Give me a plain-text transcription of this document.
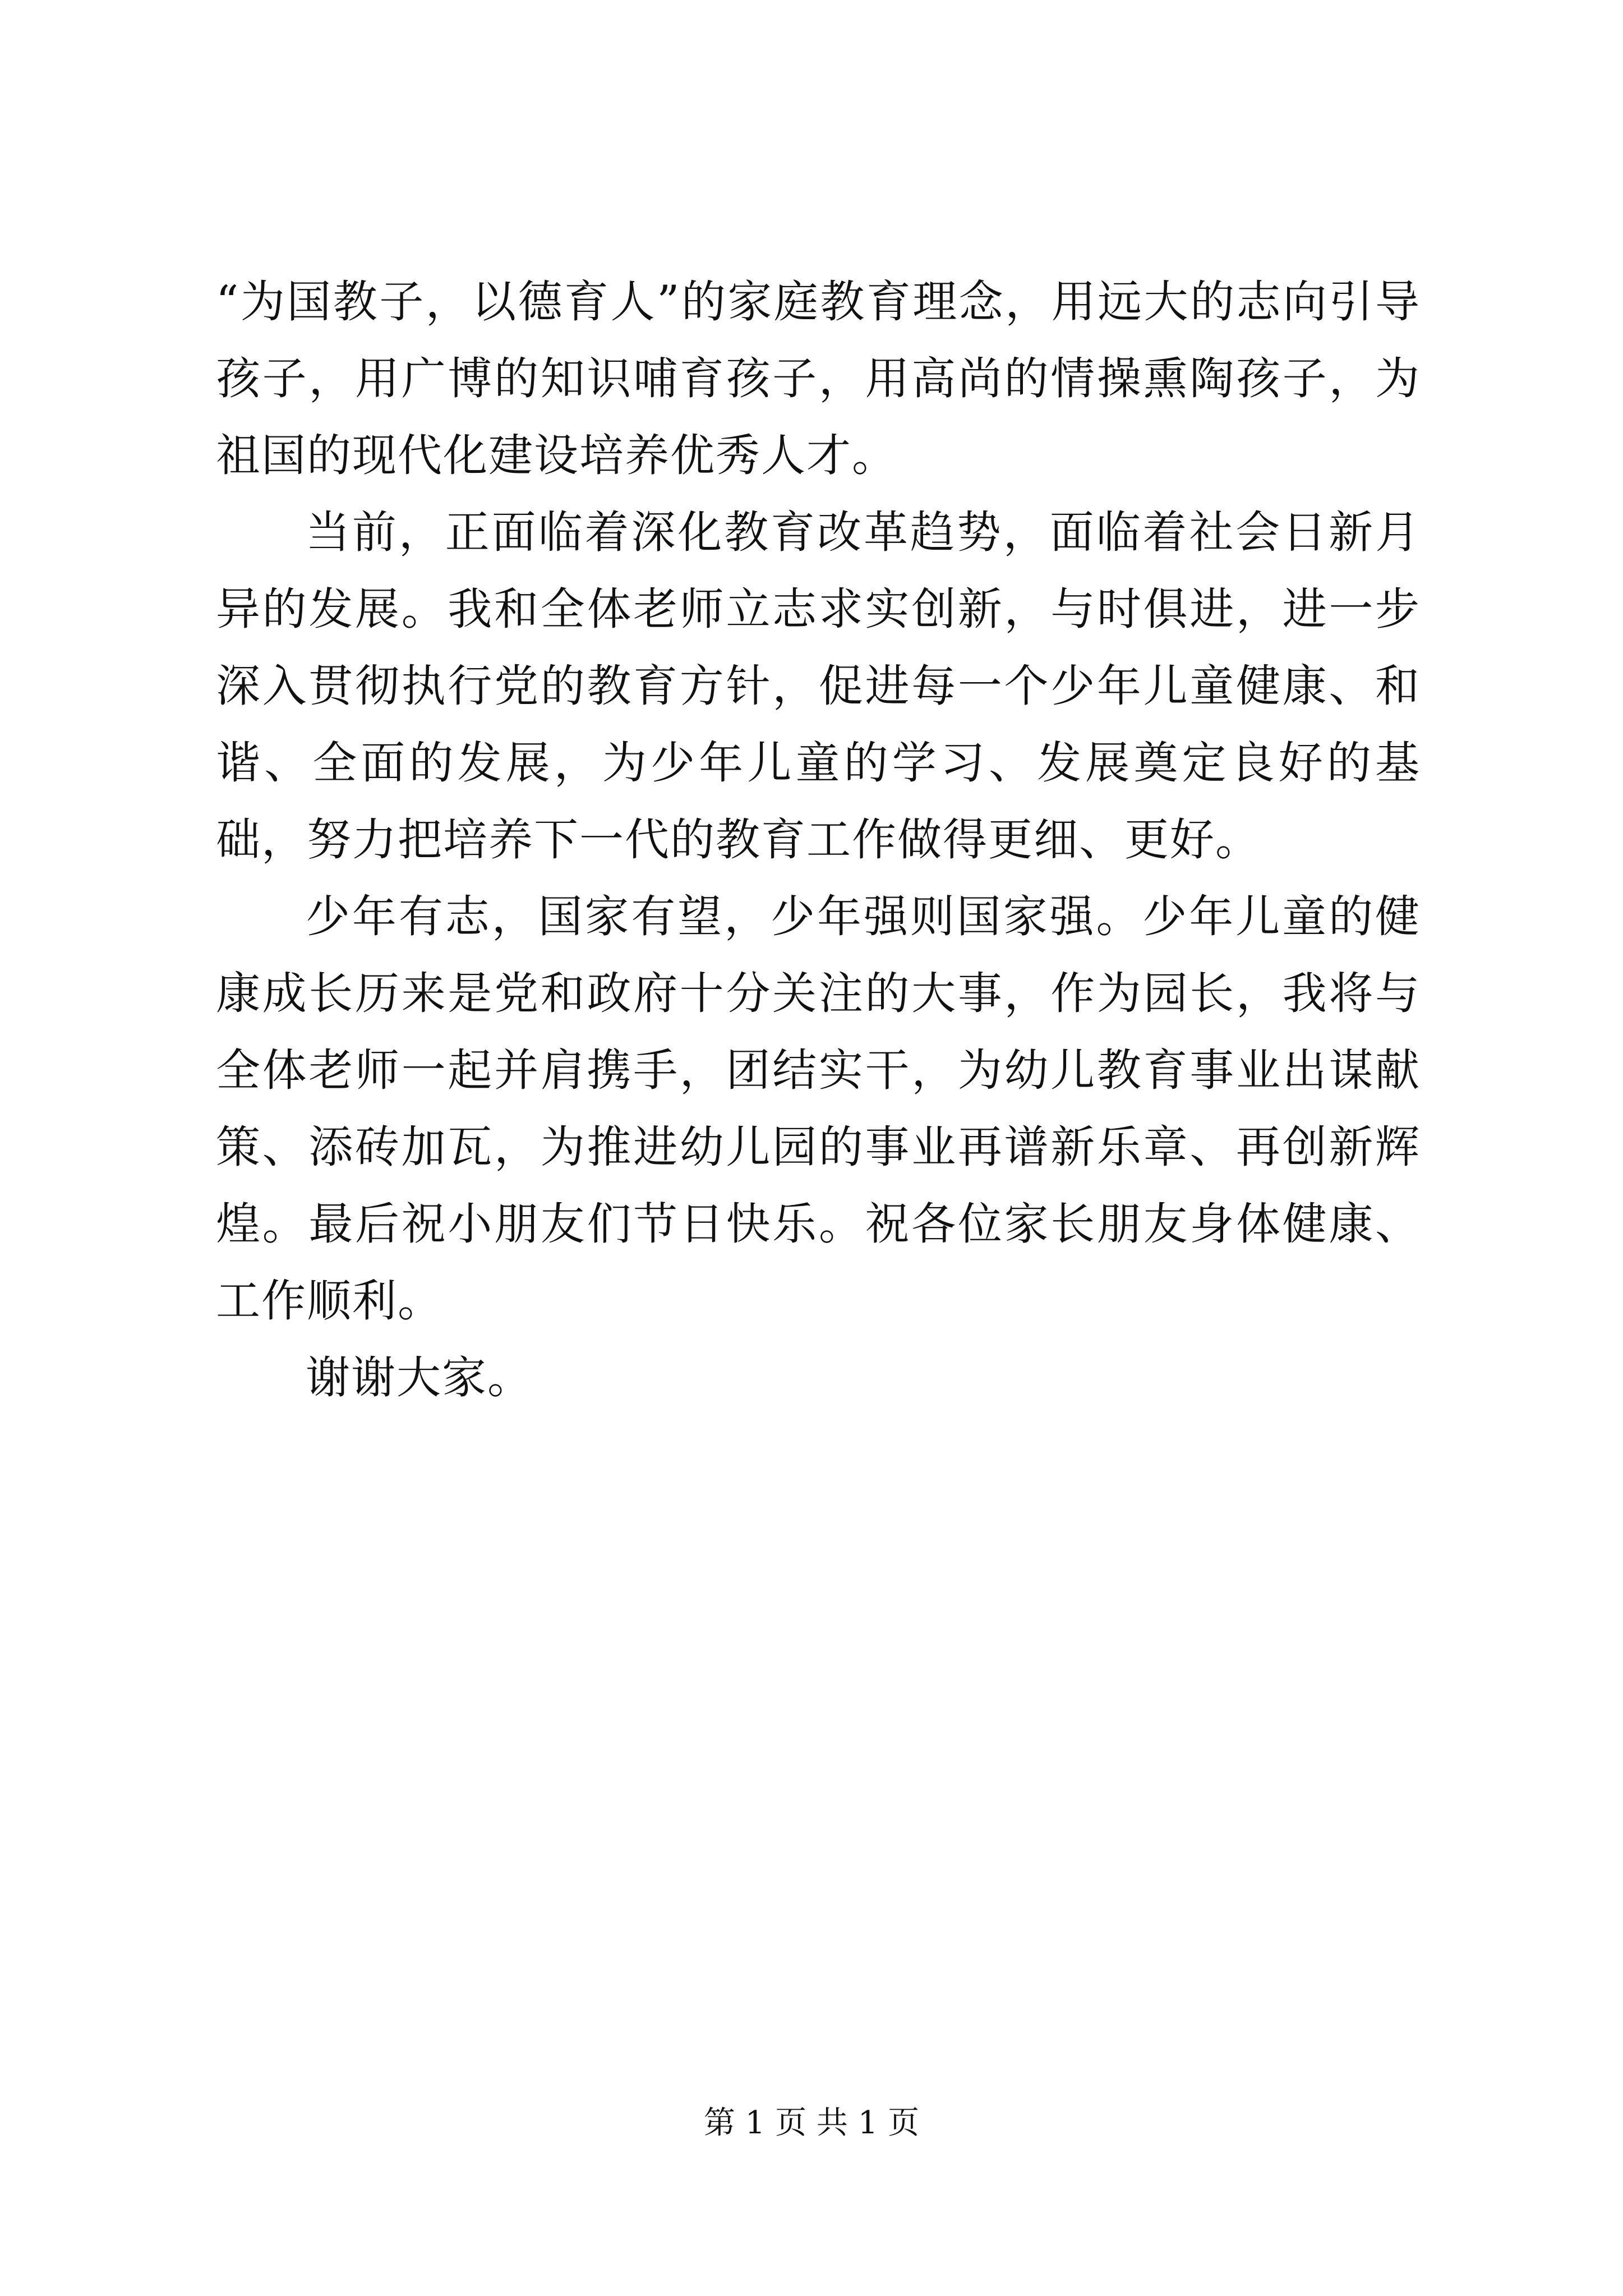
“为国教子，以德育人”的家庭教育理念，用远大的志向引导孩子，用广博的知识哺育孩子，用高尚的情操熏陶孩子，为祖国的现代化建设培养优秀人才。

当前，正面临着深化教育改革趋势，面临着社会日新月异的发展。我和全体老师立志求实创新，与时俱进，进一步深入贯彻执行党的教育方针，促进每一个少年儿童健康、和谐、全面的发展，为少年儿童的学习、发展奠定良好的基础，努力把培养下一代的教育工作做得更细、更好。

少年有志，国家有望，少年强则国家强。少年儿童的健康成长历来是党和政府十分关注的大事，作为园长，我将与全体老师一起并肩携手，团结实干，为幼儿教育事业出谋献策、添砖加瓦，为推进幼儿园的事业再谱新乐章、再创新辉煌。最后祝小朋友们节日快乐。祝各位家长朋友身体健康、工作顺利。

谢谢大家。

第 1 页 共 1 页
